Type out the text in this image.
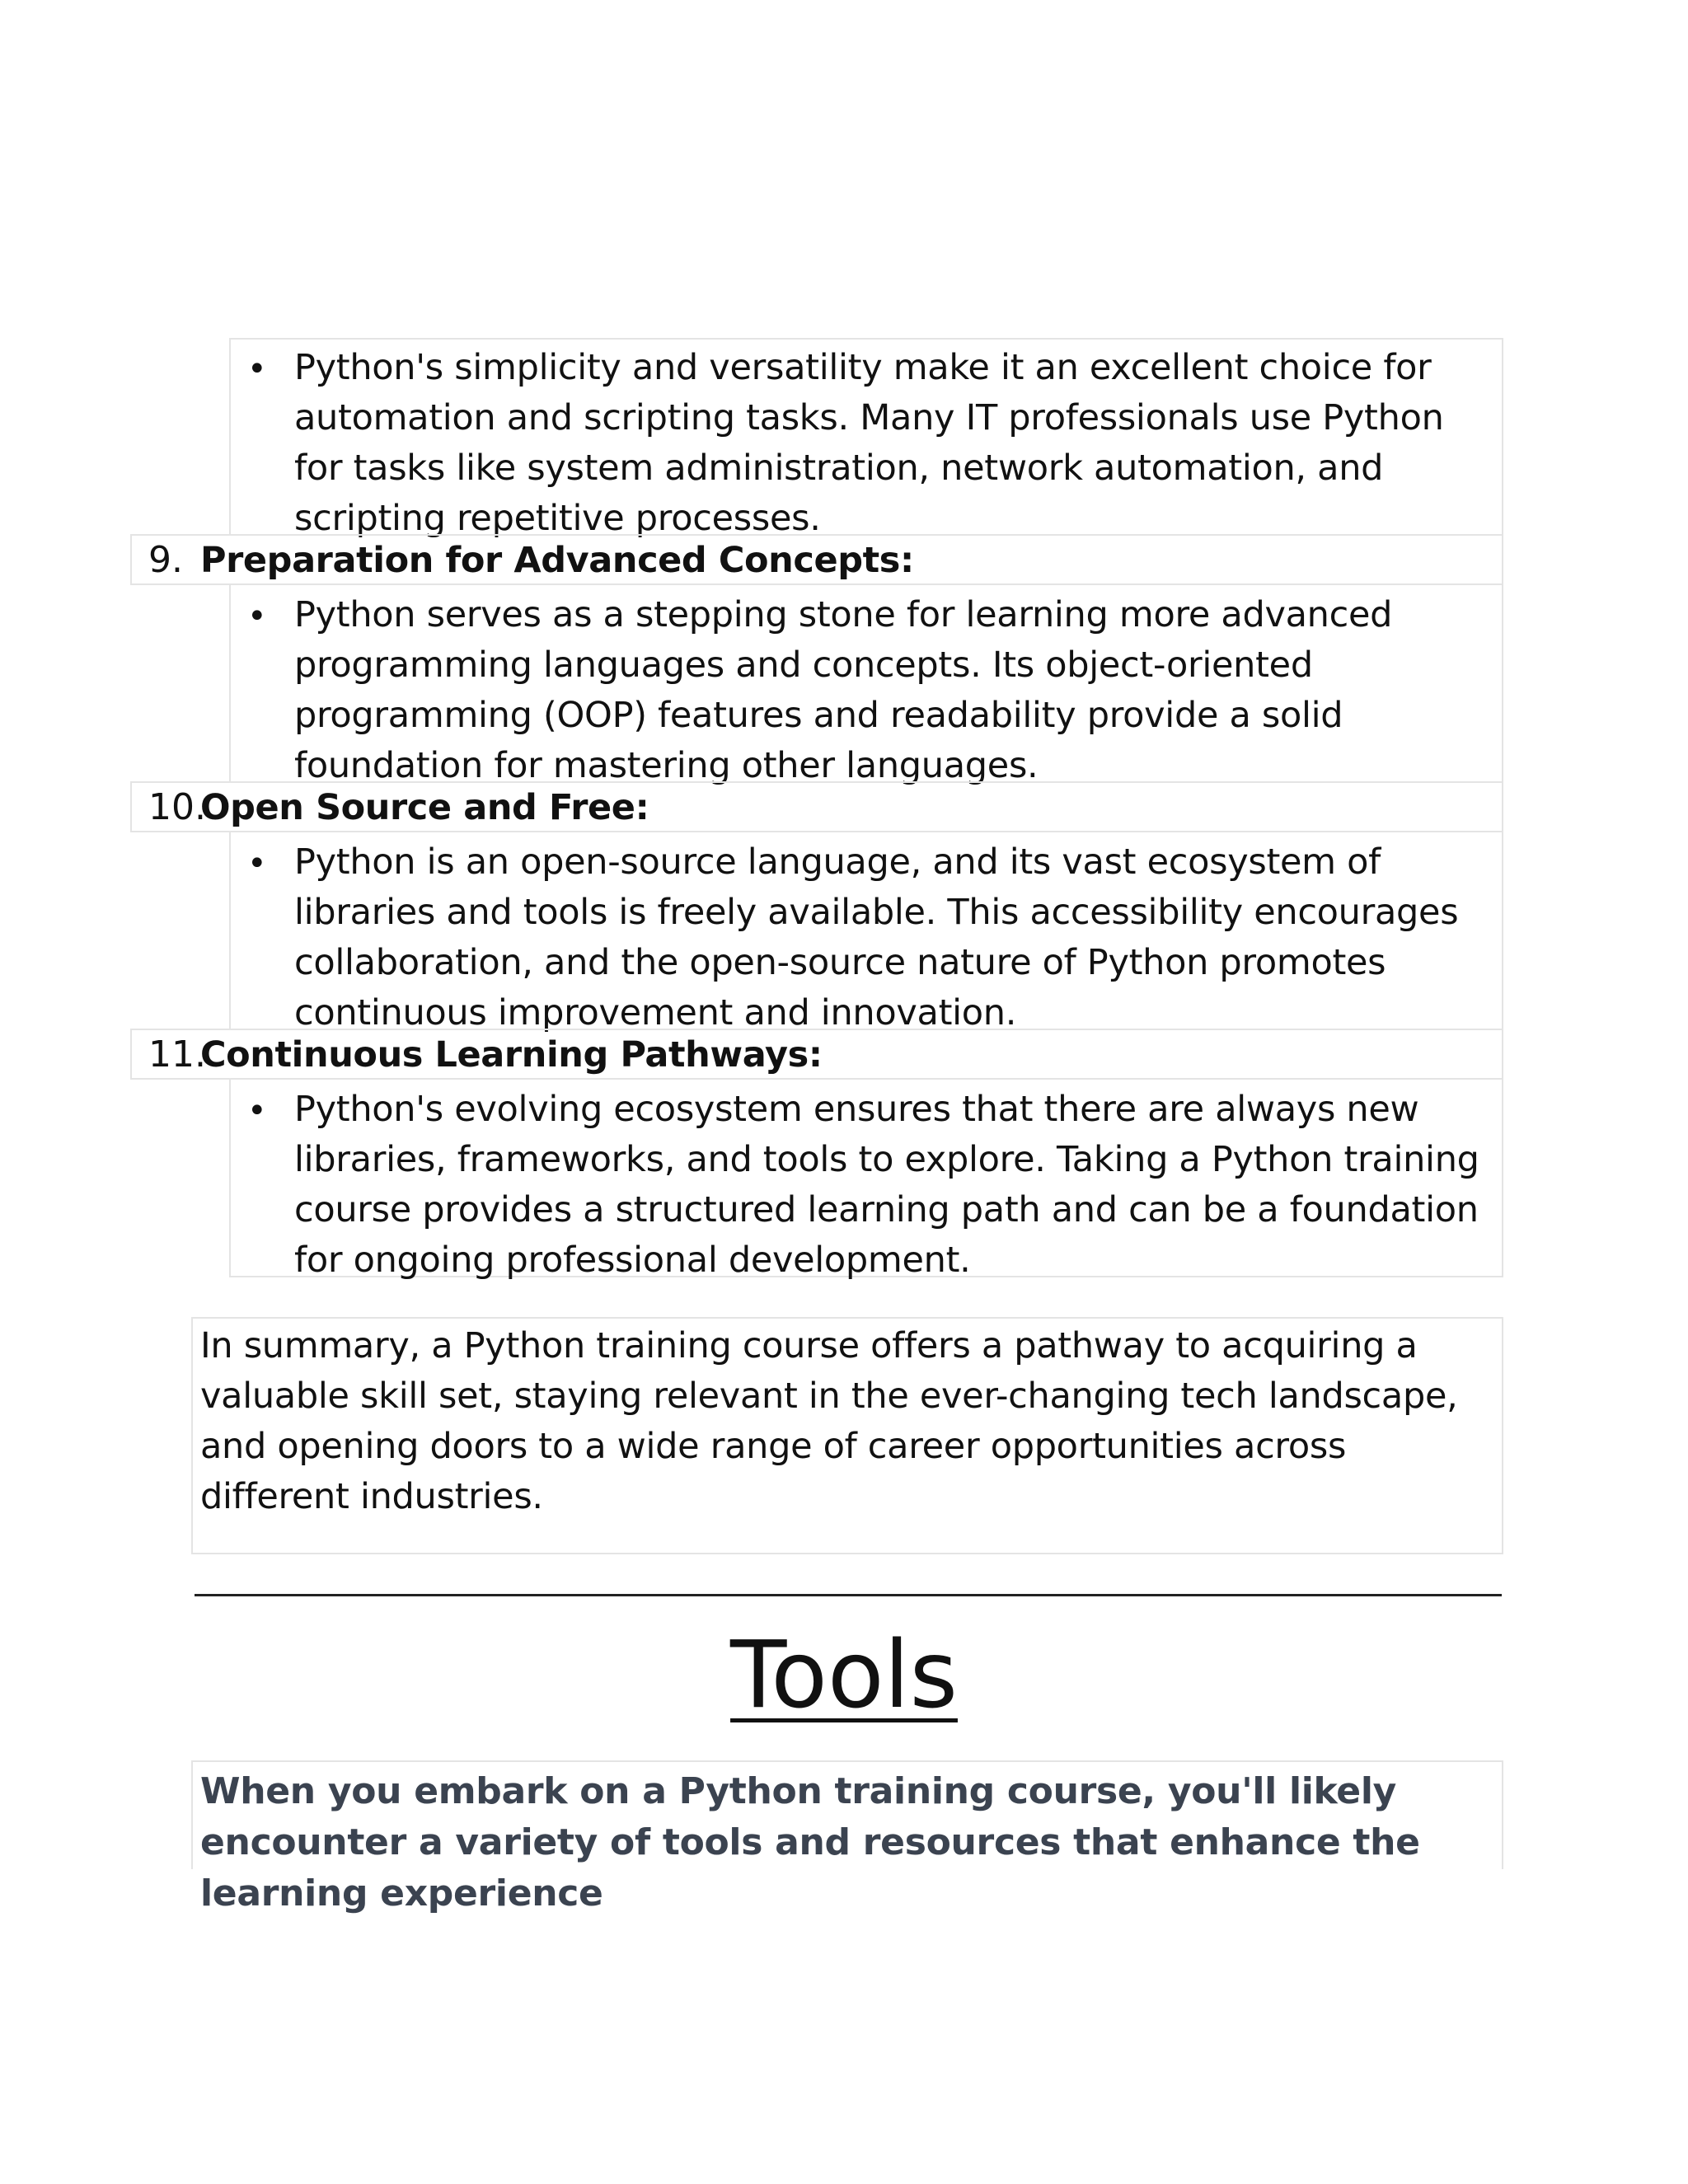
• Python's simplicity and versatility make it an excellent choice for automation and scripting tasks. Many IT professionals use Python for tasks like system administration, network automation, and scripting repetitive processes.
9. Preparation for Advanced Concepts:
• Python serves as a stepping stone for learning more advanced programming languages and concepts. Its object-oriented programming (OOP) features and readability provide a solid foundation for mastering other languages.
10.
Open Source and Free:
• Python is an open-source language, and its vast ecosystem of libraries and tools is freely available. This accessibility encourages collaboration, and the open-source nature of Python promotes continuous improvement and innovation.
11.
Continuous Learning Pathways:
• Python's evolving ecosystem ensures that there are always new libraries, frameworks, and tools to explore. Taking a Python training course provides a structured learning path and can be a foundation for ongoing professional development.
In summary, a Python training course offers a pathway to acquiring a valuable skill set, staying relevant in the ever-changing tech landscape, and opening doors to a wide range of career opportunities across different industries.
Tools
When you embark on a Python training course, you'll likely encounter a variety of tools and resources that enhance the learning experience
